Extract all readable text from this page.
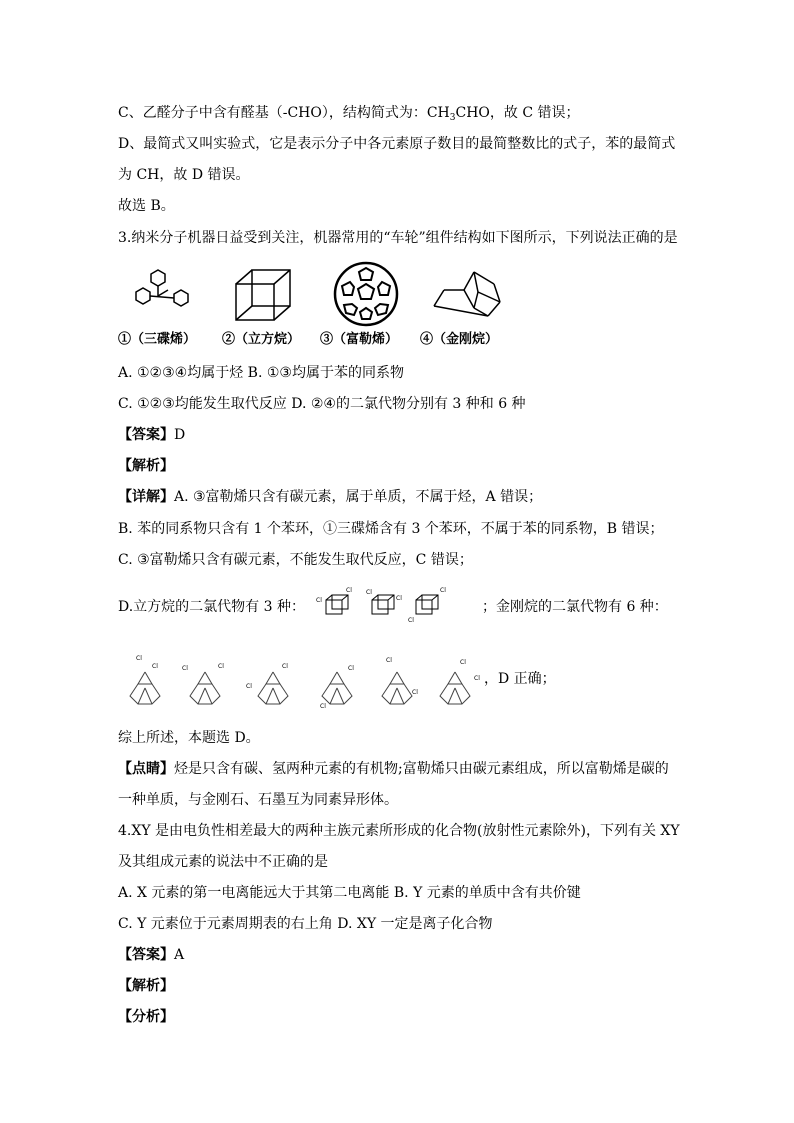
C、乙醛分子中含有醛基（-CHO），结构简式为：$CH_3CHO$，故 C 错误；
D、最简式又叫实验式，它是表示分子中各元素原子数目的最简整数比的式子，苯的最简式
为 CH，故 D 错误。
故选 B。
3.纳米分子机器日益受到关注，机器常用的“车轮”组件结构如下图所示，下列说法正确的是
①（三碟烯） ②（立方烷） ③（富勒烯） ④（金刚烷）
A. ①②③④均属于烃 B. ①③均属于苯的同系物
C. ①②③均能发生取代反应 D. ②④的二氯代物分别有 3 种和 6 种
【答案】D
【解析】
【详解】A. ③富勒烯只含有碳元素，属于单质，不属于烃，A 错误；
B. 苯的同系物只含有 1 个苯环，①三碟烯含有 3 个苯环，不属于苯的同系物，B 错误；
C. ③富勒烯只含有碳元素，不能发生取代反应，C 错误；
D.立方烷的二氯代物有 3 种： Cl
Cl Cl
Cl
Cl
Cl
；金刚烷的二氯代物有 6 种：
Cl
Cl	Cl	Cl
Cl
Cl
Cl
Cl
Cl
Cl
Cl
Cl ，D 正确；
综上所述，本题选 D。
【点睛】烃是只含有碳、氢两种元素的有机物;富勒烯只由碳元素组成，所以富勒烯是碳的
一种单质，与金刚石、石墨互为同素异形体。
4.XY 是由电负性相差最大的两种主族元素所形成的化合物(放射性元素除外)，下列有关 XY
及其组成元素的说法中不正确的是
A. X 元素的第一电离能远大于其第二电离能 B. Y 元素的单质中含有共价键
C. Y 元素位于元素周期表的右上角 D. XY 一定是离子化合物
【答案】A
【解析】
【分析】
